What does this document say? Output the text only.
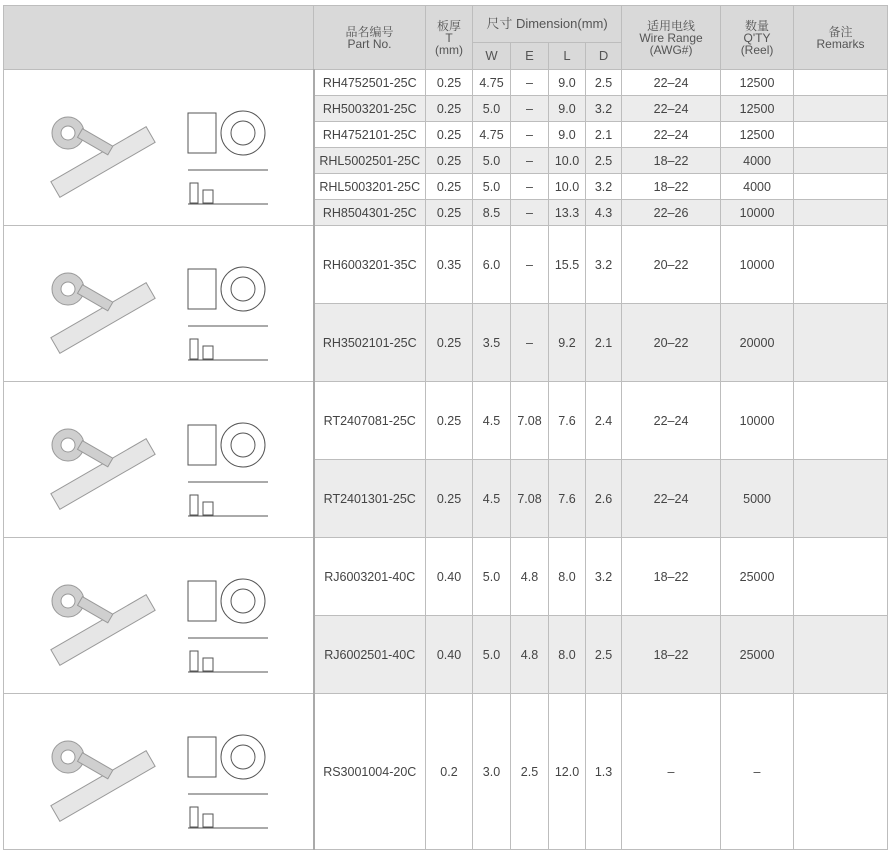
	品名编号
Part No.	板厚
T
(mm)	尺寸 Dimension(mm)				适用电线
Wire Range
(AWG#)	数量
Q'TY
(Reel)	备注
Remarks
			W	E	L	D			

	RH4752501-25C	0.25	4.75	–	9.0	2.5	22–24	12500	
	RH5003201-25C	0.25	5.0	–	9.0	3.2	22–24	12500	
	RH4752101-25C	0.25	4.75	–	9.0	2.1	22–24	12500	
	RHL5002501-25C	0.25	5.0	–	10.0	2.5	18–22	4000	
	RHL5003201-25C	0.25	5.0	–	10.0	3.2	18–22	4000	
	RH8504301-25C	0.25	8.5	–	13.3	4.3	22–26	10000	

	RH6003201-35C	0.35	6.0	–	15.5	3.2	20–22	10000	
	RH3502101-25C	0.25	3.5	–	9.2	2.1	20–22	20000	

	RT2407081-25C	0.25	4.5	7.08	7.6	2.4	22–24	10000	
	RT2401301-25C	0.25	4.5	7.08	7.6	2.6	22–24	5000	

	RJ6003201-40C	0.40	5.0	4.8	8.0	3.2	18–22	25000	
	RJ6002501-40C	0.40	5.0	4.8	8.0	2.5	18–22	25000	

	RS3001004-20C	0.2	3.0	2.5	12.0	1.3	–	–	
